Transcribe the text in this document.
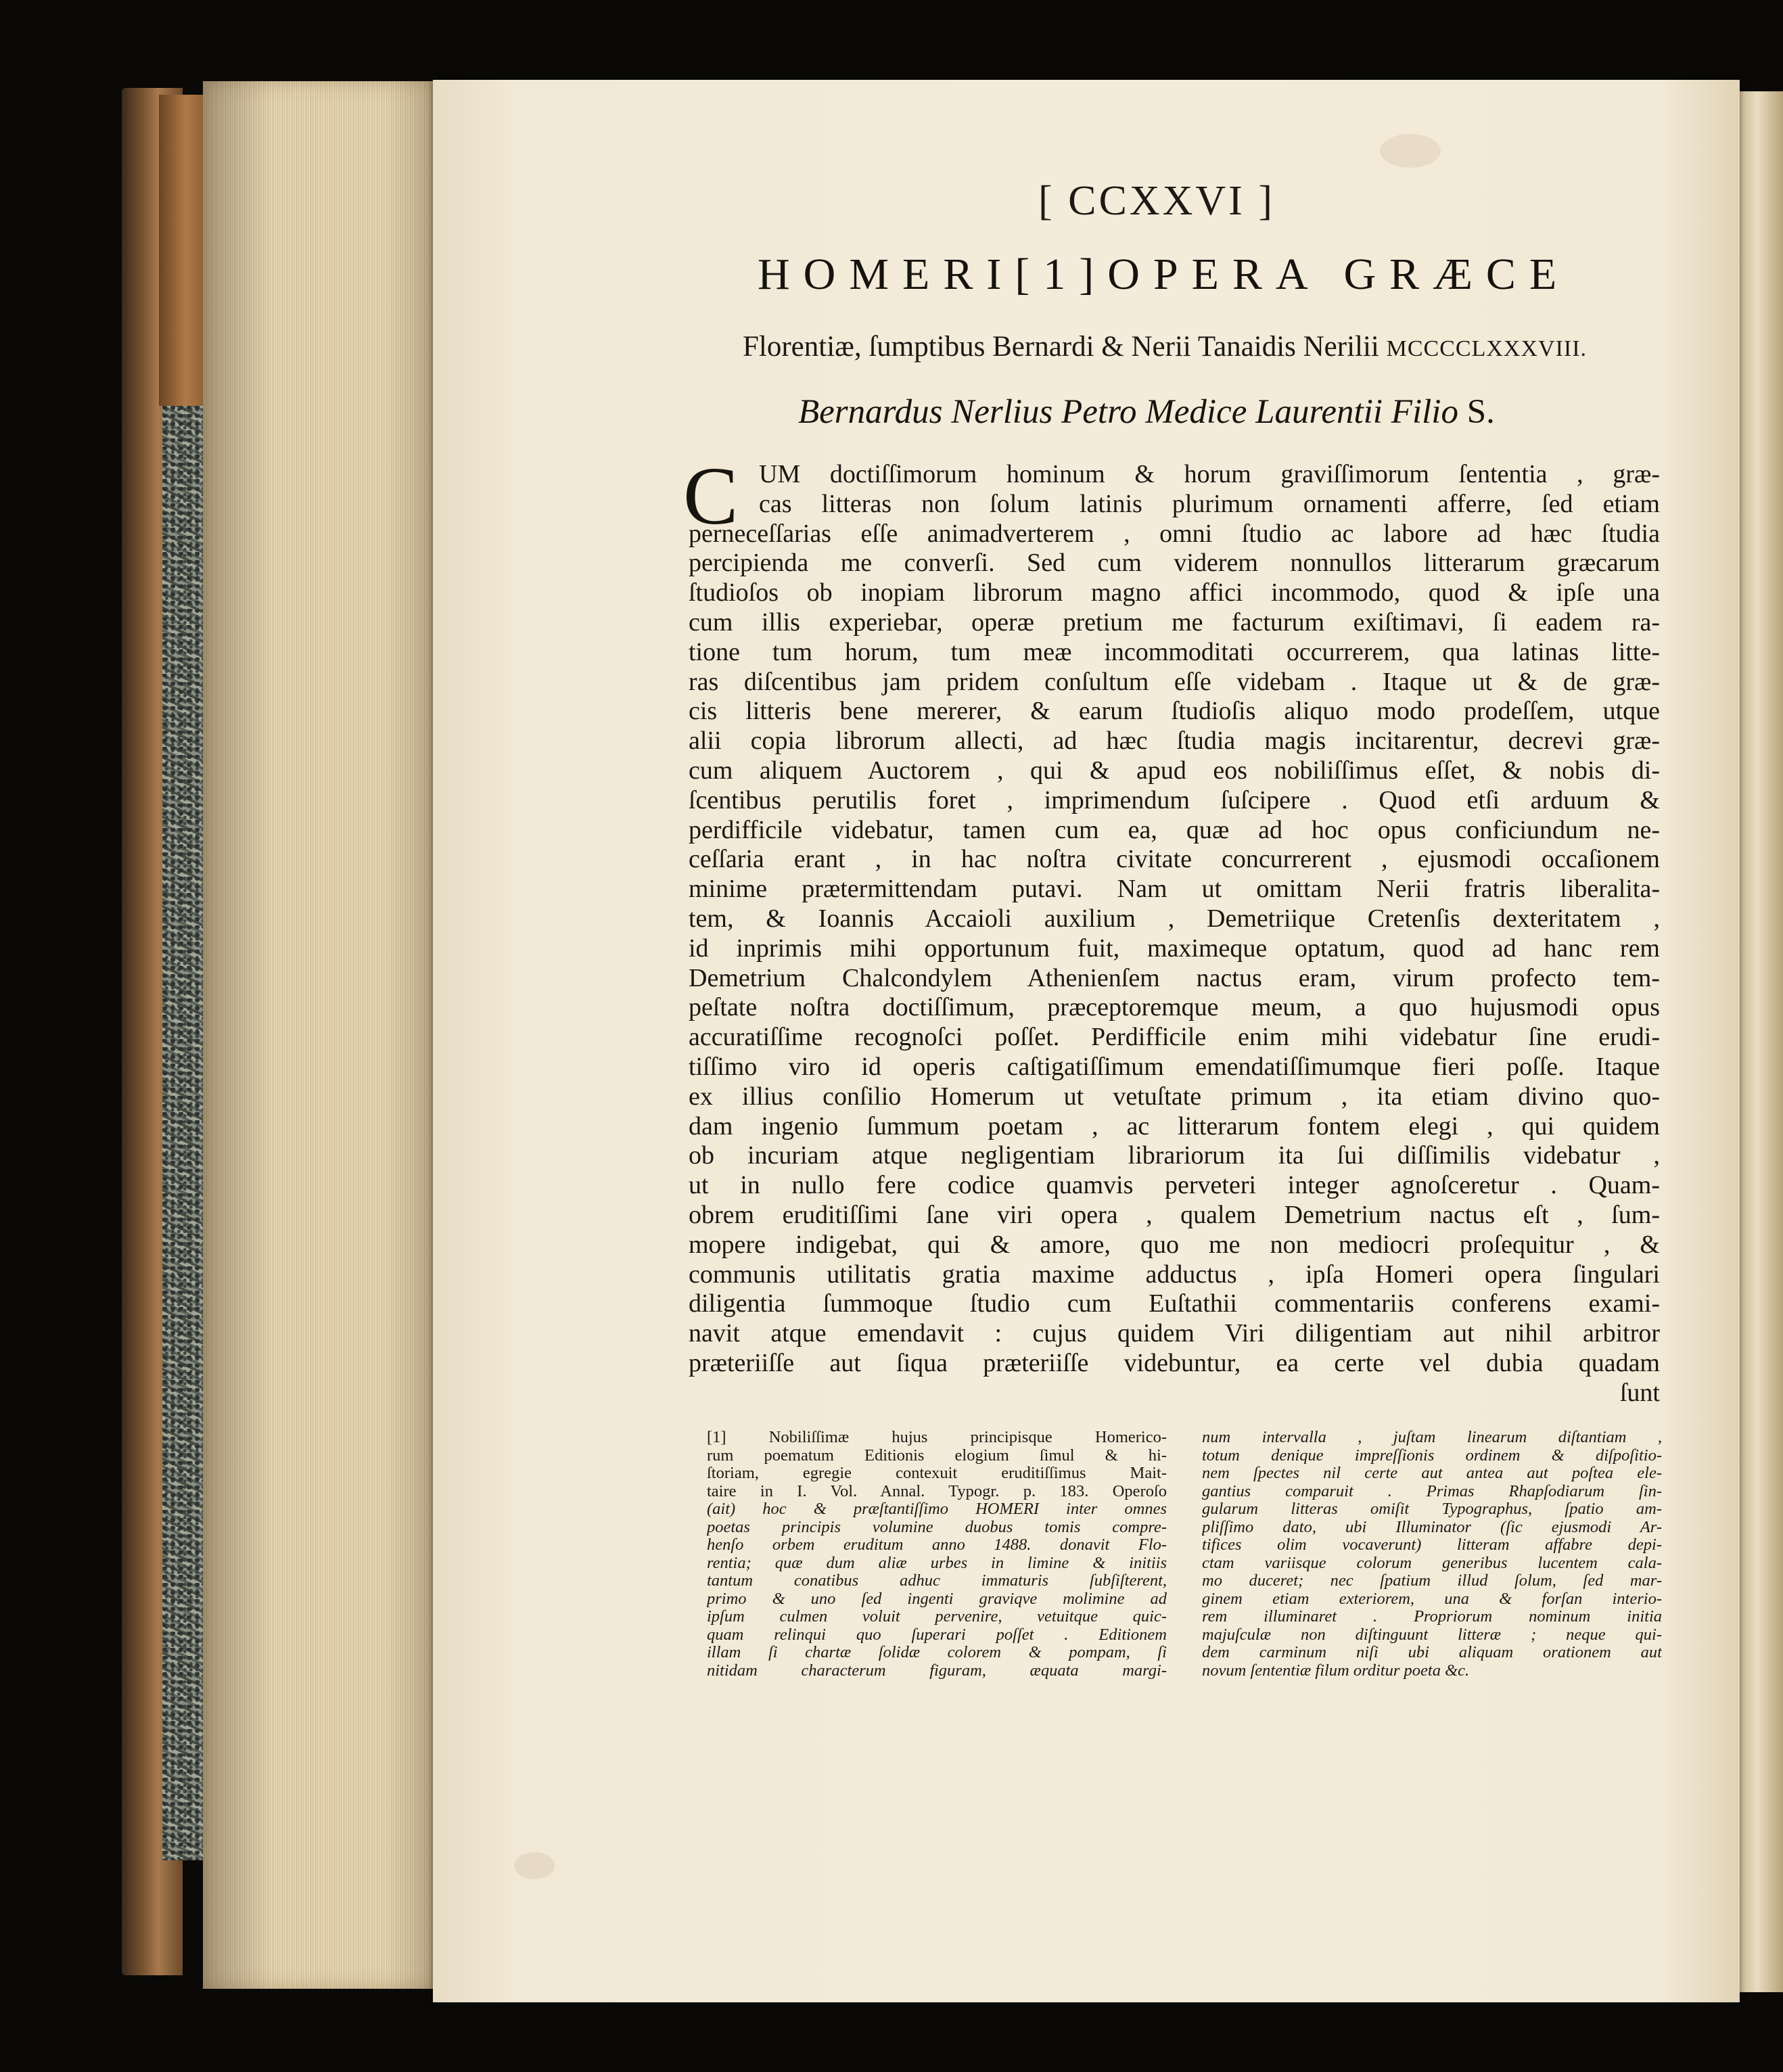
[ CCXXVI ]
HOMERI[1]OPERA GRÆCE
Florentiæ, ſumptibus Bernardi & Nerii Tanaidis Nerilii MCCCCLXXXVIII.
Bernardus Nerlius Petro Medice Laurentii Filio S.
C UM doctiſſimorum hominum & horum graviſſimorum ſententia , græ-
cas litteras non ſolum latinis plurimum ornamenti afferre, ſed etiam
perneceſſarias eſſe animadverterem , omni ſtudio ac labore ad hæc ſtudia
percipienda me converſi. Sed cum viderem nonnullos litterarum græcarum
ſtudioſos ob inopiam librorum magno affici incommodo, quod & ipſe una
cum illis experiebar, operæ pretium me facturum exiſtimavi, ſi eadem ra-
tione tum horum, tum meæ incommoditati occurrerem, qua latinas litte-
ras diſcentibus jam pridem conſultum eſſe videbam . Itaque ut & de græ-
cis litteris bene mererer, & earum ſtudioſis aliquo modo prodeſſem, utque
alii copia librorum allecti, ad hæc ſtudia magis incitarentur, decrevi græ-
cum aliquem Auctorem , qui & apud eos nobiliſſimus eſſet, & nobis di-
ſcentibus perutilis foret , imprimendum ſuſcipere . Quod etſi arduum &
perdifficile videbatur, tamen cum ea, quæ ad hoc opus conficiundum ne-
ceſſaria erant , in hac noſtra civitate concurrerent , ejusmodi occaſionem
minime prætermittendam putavi. Nam ut omittam Nerii fratris liberalita-
tem, & Ioannis Accaioli auxilium , Demetriique Cretenſis dexteritatem ,
id inprimis mihi opportunum fuit, maximeque optatum, quod ad hanc rem
Demetrium Chalcondylem Athenienſem nactus eram, virum profecto tem-
peſtate noſtra doctiſſimum, præceptoremque meum, a quo hujusmodi opus
accuratiſſime recognoſci poſſet. Perdifficile enim mihi videbatur ſine erudi-
tiſſimo viro id operis caſtigatiſſimum emendatiſſimumque fieri poſſe. Itaque
ex illius conſilio Homerum ut vetuſtate primum , ita etiam divino quo-
dam ingenio ſummum poetam , ac litterarum fontem elegi , qui quidem
ob incuriam atque negligentiam librariorum ita ſui diſſimilis videbatur ,
ut in nullo fere codice quamvis perveteri integer agnoſceretur . Quam-
obrem eruditiſſimi ſane viri opera , qualem Demetrium nactus eſt , ſum-
mopere indigebat, qui & amore, quo me non mediocri proſequitur , &
communis utilitatis gratia maxime adductus , ipſa Homeri opera ſingulari
diligentia ſummoque ſtudio cum Euſtathii commentariis conferens exami-
navit atque emendavit : cujus quidem Viri diligentiam aut nihil arbitror
præteriiſſe aut ſiqua præteriiſſe videbuntur, ea certe vel dubia quadam
ſunt
[1] Nobiliſſimæ hujus principisque Homerico-
rum poematum Editionis elogium ſimul & hi-
ſtoriam, egregie contexuit eruditiſſimus Mait-
taire in I. Vol. Annal. Typogr. p. 183. Operoſo
(ait) hoc & præſtantiſſimo HOMERI inter omnes
poetas principis volumine duobus tomis compre-
henſo orbem eruditum anno 1488. donavit Flo-
rentia; quæ dum aliæ urbes in limine & initiis
tantum conatibus adhuc immaturis ſubſiſterent,
primo & uno ſed ingenti graviqve molimine ad
ipſum culmen voluit pervenire, vetuitque quic-
quam relinqui quo ſuperari poſſet . Editionem
illam ſi chartæ ſolidæ colorem & pompam, ſi
nitidam characterum figuram, æquata margi-
num intervalla , juſtam linearum diſtantiam ,
totum denique impreſſionis ordinem & diſpoſitio-
nem ſpectes nil certe aut antea aut poſtea ele-
gantius comparuit . Primas Rhapſodiarum ſin-
gularum litteras omiſit Typographus, ſpatio am-
pliſſimo dato, ubi Illuminator (ſic ejusmodi Ar-
tifices olim vocaverunt) litteram affabre depi-
ctam variisque colorum generibus lucentem cala-
mo duceret; nec ſpatium illud ſolum, ſed mar-
ginem etiam exteriorem, una & forſan interio-
rem illuminaret . Propriorum nominum initia
majuſculæ non diſtinguunt litteræ ; neque qui-
dem carminum niſi ubi aliquam orationem aut
novum ſententiæ filum orditur poeta &c.
